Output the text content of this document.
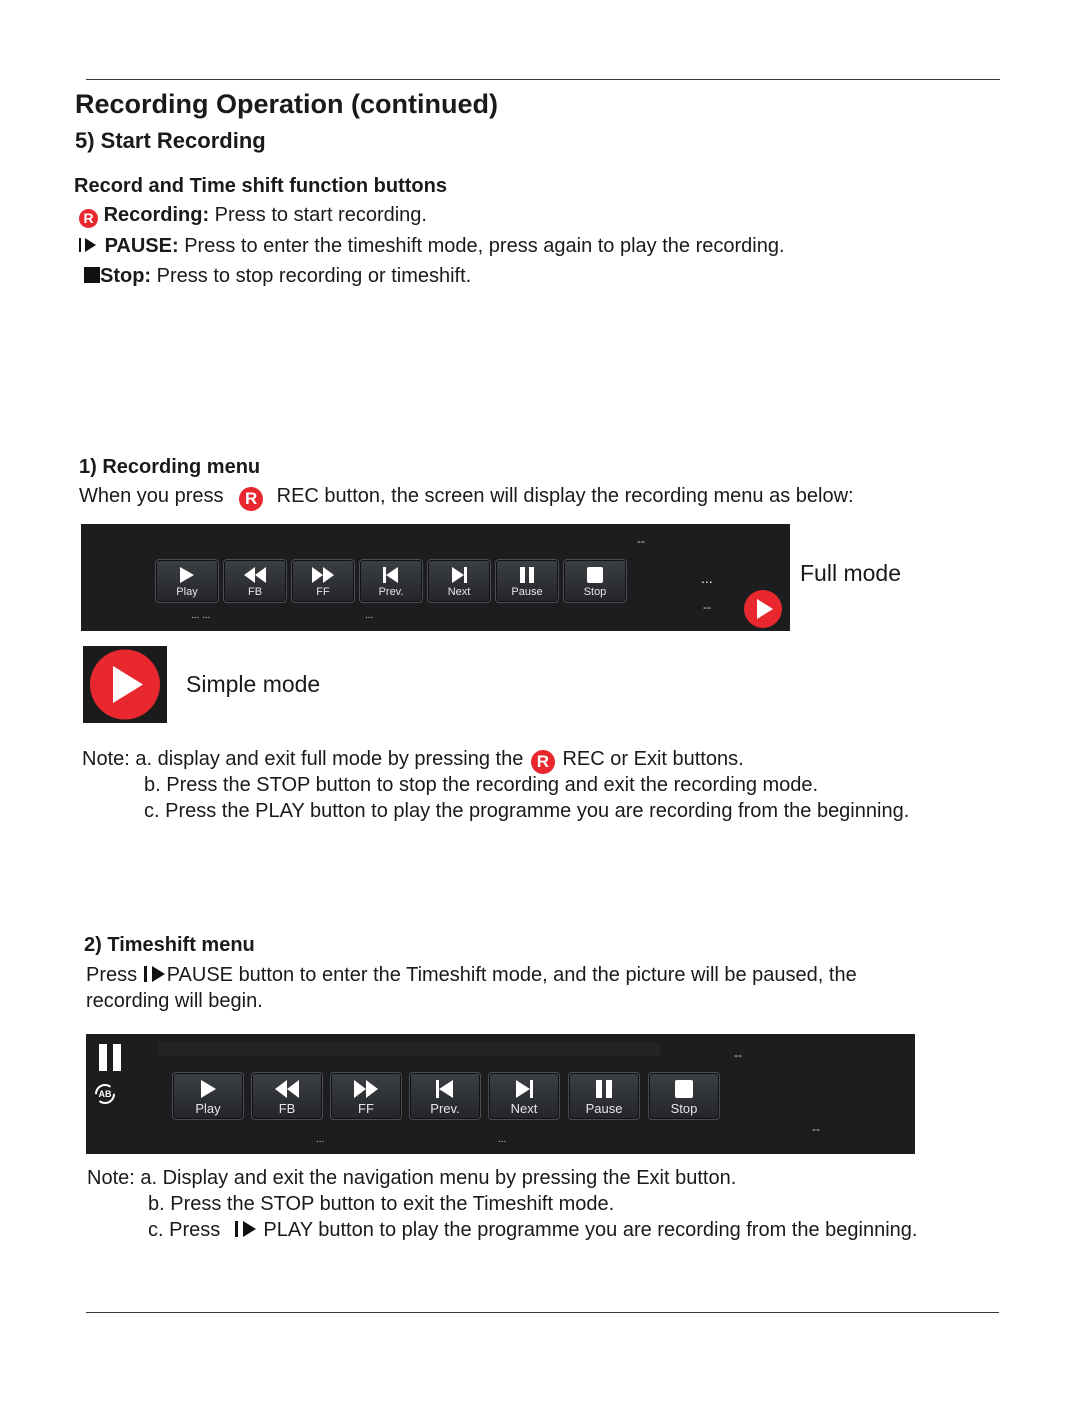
Recording Operation (continued)
5) Start Recording
Record and Time shift function buttons
R Recording: Press to start recording.
PAUSE: Press to enter the timeshift mode, press again to play the recording.
Stop: Press to stop recording or timeshift.
1) Recording menu
When you press R REC button, the screen will display the recording menu as below:
--
Play	FB	FF	Prev.	Next	Pause	Stop
...
--
... ...	...
Full mode
Simple mode
Note: a. display and exit full mode by pressing the R REC or Exit buttons.
b. Press the STOP button to stop the recording and exit the recording mode.
c. Press the PLAY button to play the programme you are recording from the beginning.
2) Timeshift menu
Press PAUSE button to enter the Timeshift mode, and the picture will be paused, the
recording will begin.
AB
--
Play	FB	FF	Prev.	Next	Pause	Stop
--
...	...
Note: a. Display and exit the navigation menu by pressing the Exit button.
b. Press the STOP button to exit the Timeshift mode.
c. Press PLAY button to play the programme you are recording from the beginning.
